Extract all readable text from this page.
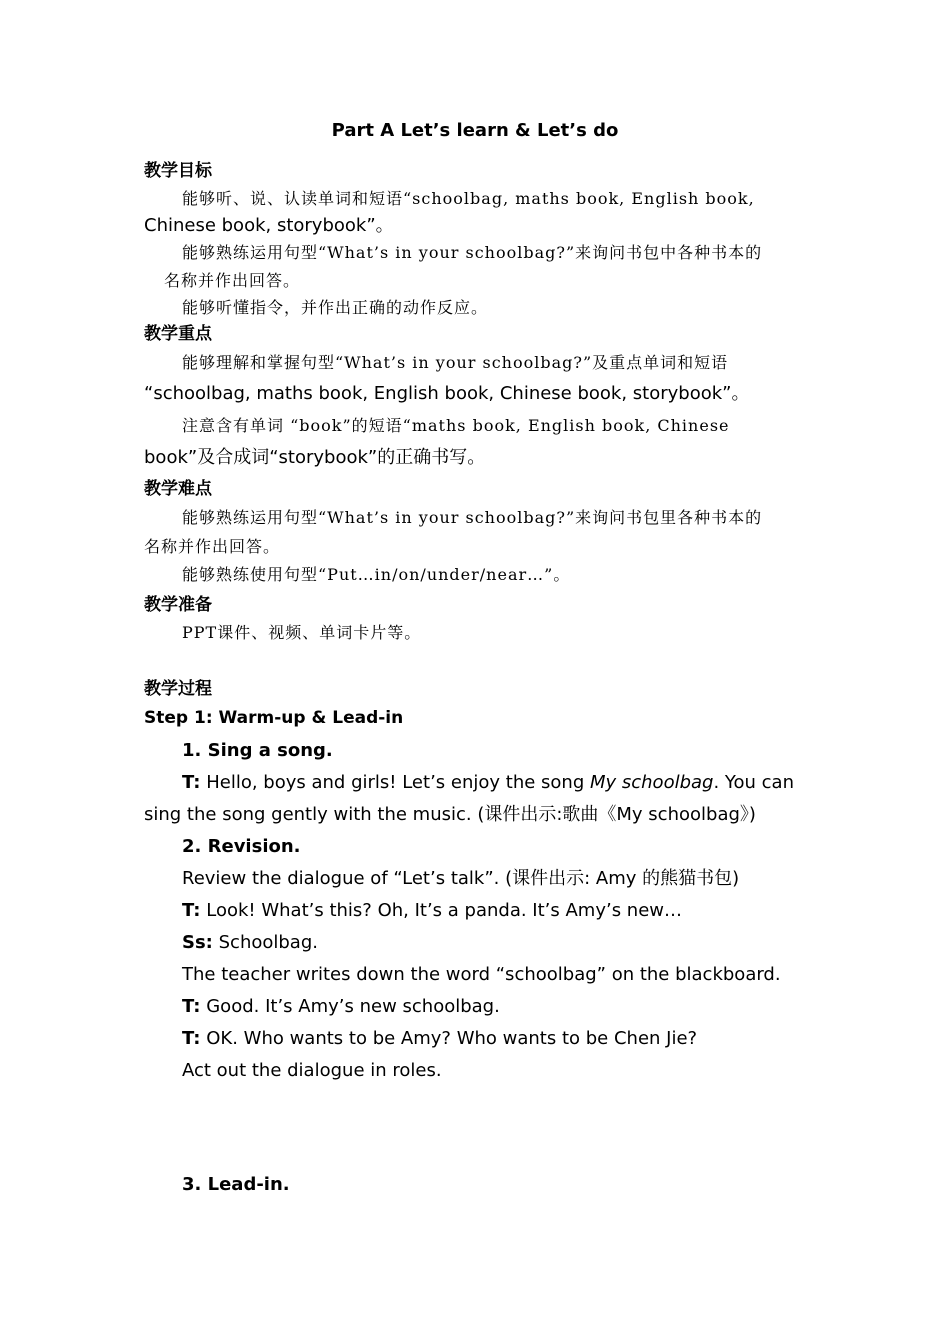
Part A Let’s learn & Let’s do
教学目标
能够听、说、认读单词和短语“schoolbag, maths book, English book,
Chinese book, storybook”。
能够熟练运用句型“What’s in your schoolbag?”来询问书包中各种书本的
名称并作出回答。
能够听懂指令，并作出正确的动作反应。
教学重点
能够理解和掌握句型“What’s in your schoolbag?”及重点单词和短语
“schoolbag, maths book, English book, Chinese book, storybook”。
注意含有单词 “book”的短语“maths book, English book, Chinese
book”及合成词“storybook”的正确书写。
教学难点
能够熟练运用句型“What’s in your schoolbag?”来询问书包里各种书本的
名称并作出回答。
能够熟练使用句型“Put…in/on/under/near…”。
教学准备
PPT课件、视频、单词卡片等。
教学过程
Step 1: Warm-up & Lead-in
1. Sing a song.
T: Hello, boys and girls! Let’s enjoy the song My schoolbag. You can
sing the song gently with the music. (课件出示:歌曲《My schoolbag》)
2. Revision.
Review the dialogue of “Let’s talk”. (课件出示: Amy 的熊猫书包)
T: Look! What’s this? Oh, It’s a panda. It’s Amy’s new…
Ss: Schoolbag.
The teacher writes down the word “schoolbag” on the blackboard.
T: Good. It’s Amy’s new schoolbag.
T: OK. Who wants to be Amy? Who wants to be Chen Jie?
Act out the dialogue in roles.
3. Lead-in.
